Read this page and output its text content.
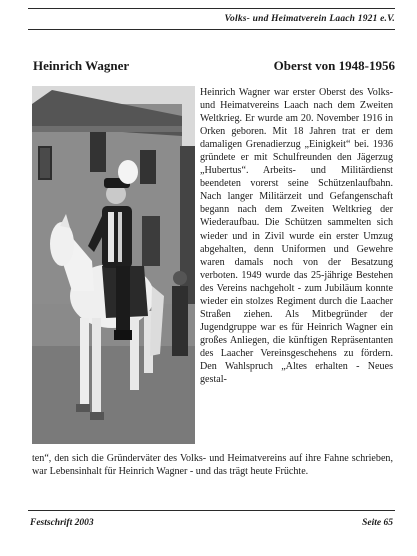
Volks- und Heimatverein Laach 1921 e.V.
Heinrich Wagner	Oberst von 1948-1956

Heinrich Wagner war erster Oberst des Volks- und Heimatvereins Laach nach dem Zweiten Weltkrieg. Er wurde am 20. November 1916 in Orken geboren. Mit 18 Jahren trat er dem damaligen Grenadierzug „Einigkeit“ bei. 1936 gründete er mit Schulfreunden den Jägerzug „Hubertus“. Arbeits- und Militärdienst beendeten vorerst seine Schützenlaufbahn. Nach langer Militärzeit und Gefangenschaft begann nach dem Zweiten Weltkrieg der Wiederaufbau. Die Schützen sammelten sich wieder und in Zivil wurde ein erster Umzug abgehalten, denn Uniformen und Gewehre waren damals noch von der Besatzung verboten. 1949 wurde das 25-jährige Bestehen des Vereins nachgeholt - zum Jubiläum konnte wieder ein stolzes Regiment durch die Laacher Straßen ziehen. Als Mitbegründer der Jugendgruppe war es für Heinrich Wagner ein großes Anliegen, die künftigen Repräsentanten des Laacher Vereinsgeschehens zu fördern. Den Wahlspruch „Altes erhalten - Neues gestal-

ten“, den sich die Gründerväter des Volks- und Heimatvereins auf ihre Fahne schrieben, war Lebensinhalt für Heinrich Wagner - und das trägt heute Früchte.

Festschrift 2003	Seite 65
